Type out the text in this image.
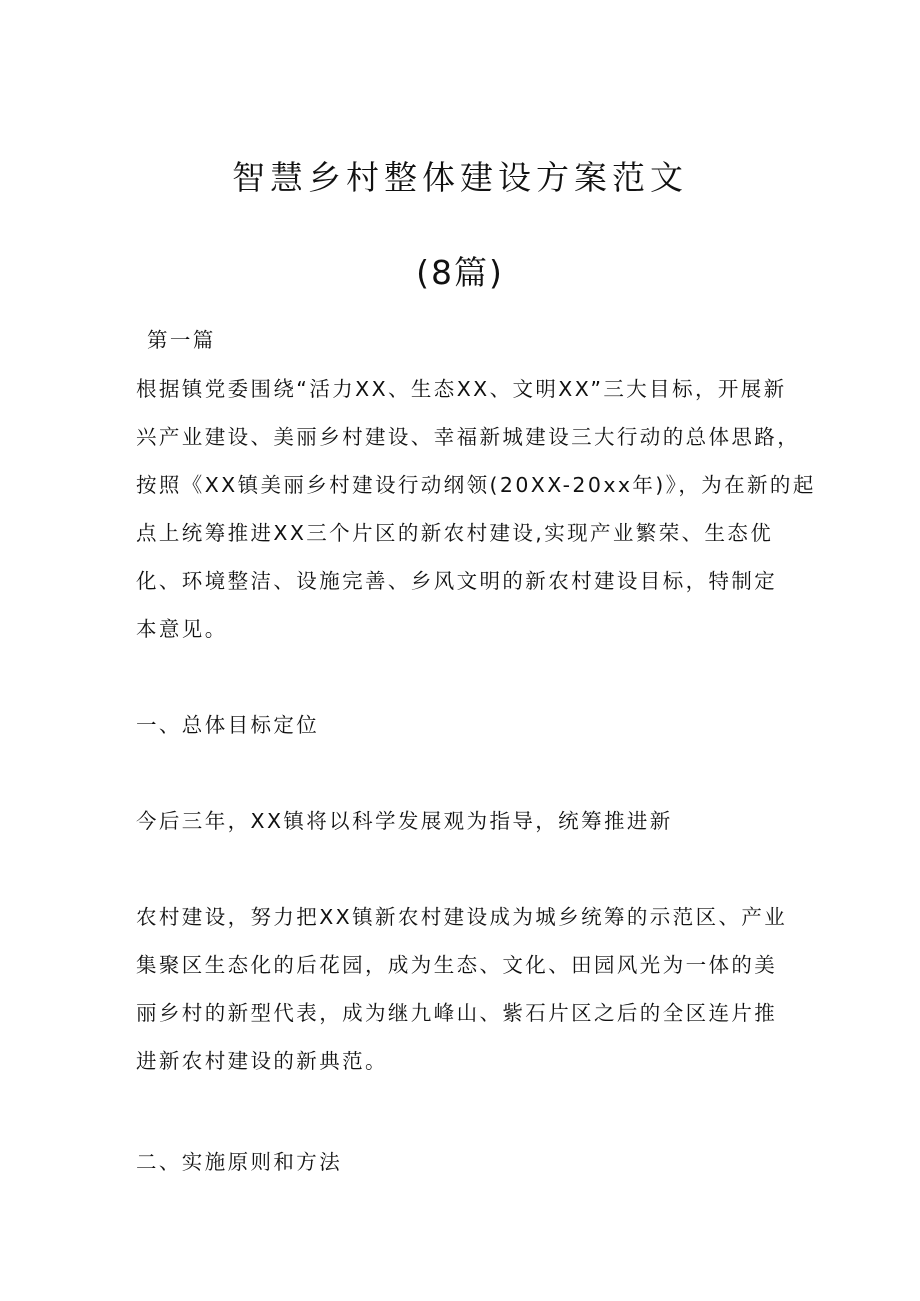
智慧乡村整体建设方案范文
(8篇)

第一篇

根据镇党委围绕“活力XX、生态XX、文明XX”三大目标，开展新
兴产业建设、美丽乡村建设、幸福新城建设三大行动的总体思路，
按照《XX镇美丽乡村建设行动纲领(20XX-20xx年)》，为在新的起
点上统筹推进XX三个片区的新农村建设,实现产业繁荣、生态优
化、环境整洁、设施完善、乡风文明的新农村建设目标，特制定
本意见。

一、总体目标定位

今后三年，XX镇将以科学发展观为指导，统筹推进新

农村建设，努力把XX镇新农村建设成为城乡统筹的示范区、产业
集聚区生态化的后花园，成为生态、文化、田园风光为一体的美
丽乡村的新型代表，成为继九峰山、紫石片区之后的全区连片推
进新农村建设的新典范。

二、实施原则和方法
